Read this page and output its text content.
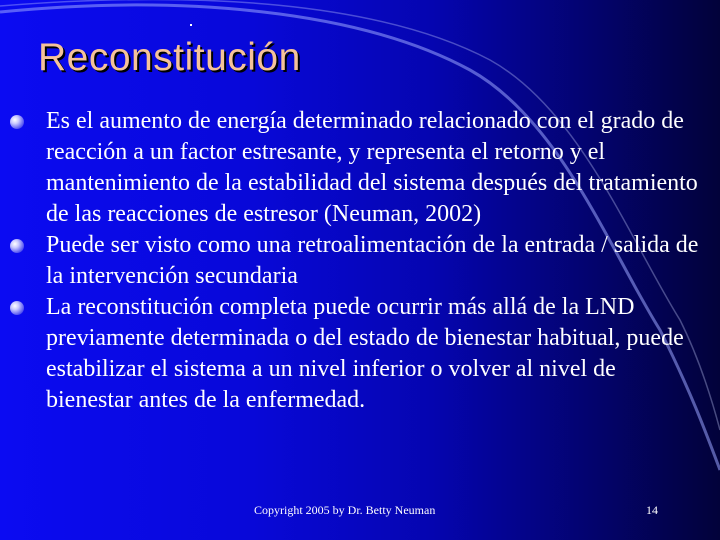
Reconstitución
Es el aumento de energía determinado relacionado con el grado de reacción a un factor estresante, y representa el retorno y el mantenimiento de la estabilidad del sistema después del tratamiento de las reacciones de estresor (Neuman, 2002)
Puede ser visto como una retroalimentación de la entrada / salida de la intervención secundaria
La reconstitución completa puede ocurrir más allá de la LND previamente determinada o del estado de bienestar habitual, puede estabilizar el sistema a un nivel inferior o volver al nivel de bienestar antes de la enfermedad.
Copyright 2005 by Dr. Betty Neuman	14
